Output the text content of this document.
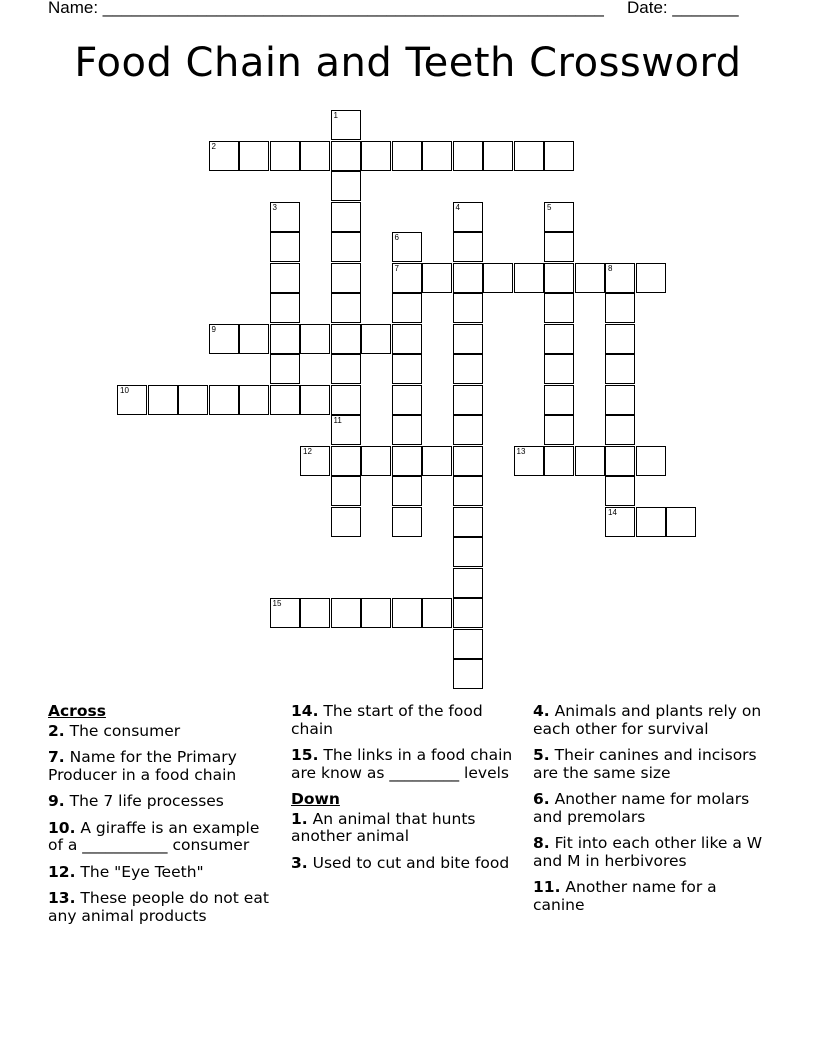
Name: _____________________________________________________ Date: _______
Food Chain and Teeth Crossword
1
11
2
3	4	5
6
7	8
14
9
10
12	13
15
Across
2. The consumer
7. Name for the Primary Producer in a food chain
9. The 7 life processes
10. A giraffe is an example of a ___________ consumer
12. The "Eye Teeth"
13. These people do not eat any animal products
14. The start of the food chain
15. The links in a food chain are know as _________ levels
Down
1. An animal that hunts another animal
3. Used to cut and bite food
4. Animals and plants rely on each other for survival
5. Their canines and incisors are the same size
6. Another name for molars and premolars
8. Fit into each other like a W and M in herbivores
11. Another name for a canine
